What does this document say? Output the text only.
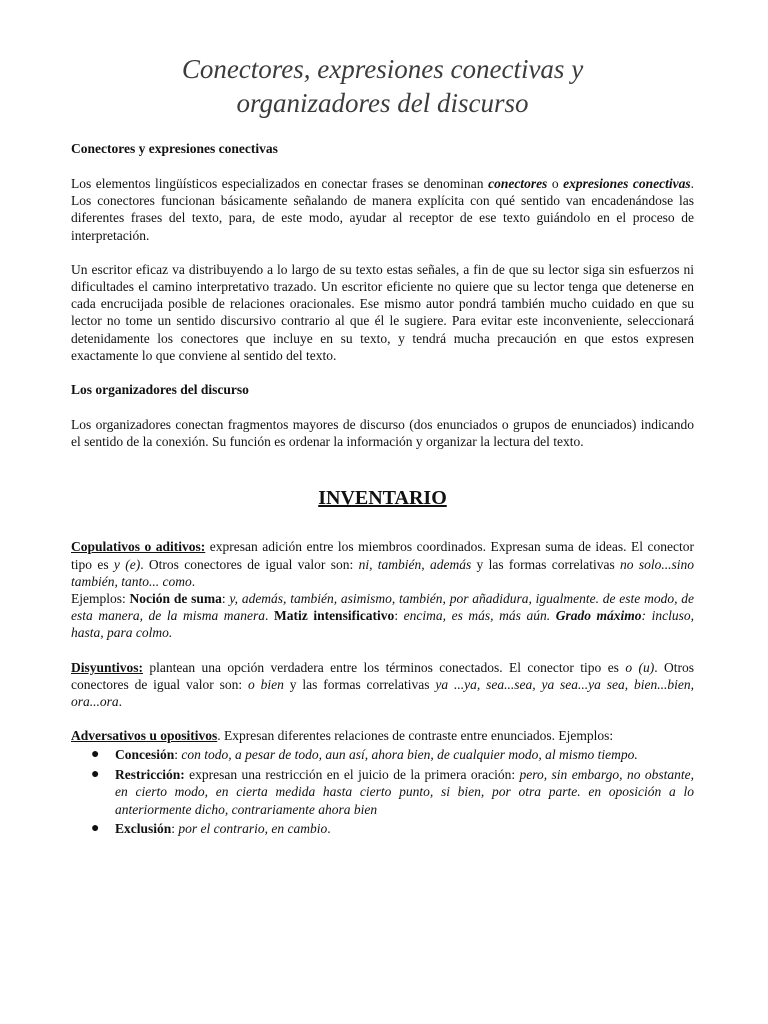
Conectores, expresiones conectivas y
organizadores del discurso
Conectores y expresiones conectivas

Los elementos lingüísticos especializados en conectar frases se denominan conectores o expresiones conectivas. Los conectores funcionan básicamente señalando de manera explícita con qué sentido van encadenándose las diferentes frases del texto, para, de este modo, ayudar al receptor de ese texto guiándolo en el proceso de interpretación.

Un escritor eficaz va distribuyendo a lo largo de su texto estas señales, a fin de que su lector siga sin esfuerzos ni dificultades el camino interpretativo trazado. Un escritor eficiente no quiere que su lector tenga que detenerse en cada encrucijada posible de relaciones oracionales. Ese mismo autor pondrá también mucho cuidado en que su lector no tome un sentido discursivo contrario al que él le sugiere. Para evitar este inconveniente, seleccionará detenidamente los conectores que incluye en su texto, y tendrá mucha precaución en que estos expresen exactamente lo que conviene al sentido del texto.

Los organizadores del discurso

Los organizadores conectan fragmentos mayores de discurso (dos enunciados o grupos de enunciados) indicando el sentido de la conexión. Su función es ordenar la información y organizar la lectura del texto.

INVENTARIO

Copulativos o aditivos: expresan adición entre los miembros coordinados. Expresan suma de ideas. El conector tipo es y (e). Otros conectores de igual valor son: ni, también, además y las formas correlativas no solo...sino también, tanto... como.
Ejemplos: Noción de suma: y, además, también, asimismo, también, por añadidura, igualmente. de este modo, de esta manera, de la misma manera. Matiz intensificativo: encima, es más, más aún. Grado máximo: incluso, hasta, para colmo.

Disyuntivos: plantean una opción verdadera entre los términos conectados. El conector tipo es o (u). Otros conectores de igual valor son: o bien y las formas correlativas ya ...ya, sea...sea, ya sea...ya sea, bien...bien, ora...ora.

Adversativos u opositivos. Expresan diferentes relaciones de contraste entre enunciados. Ejemplos:

● Concesión: con todo, a pesar de todo, aun así, ahora bien, de cualquier modo, al mismo tiempo.
● Restricción: expresan una restricción en el juicio de la primera oración: pero, sin embargo, no obstante, en cierto modo, en cierta medida hasta cierto punto, si bien, por otra parte. en oposición a lo anteriormente dicho, contrariamente ahora bien
● Exclusión: por el contrario, en cambio.
